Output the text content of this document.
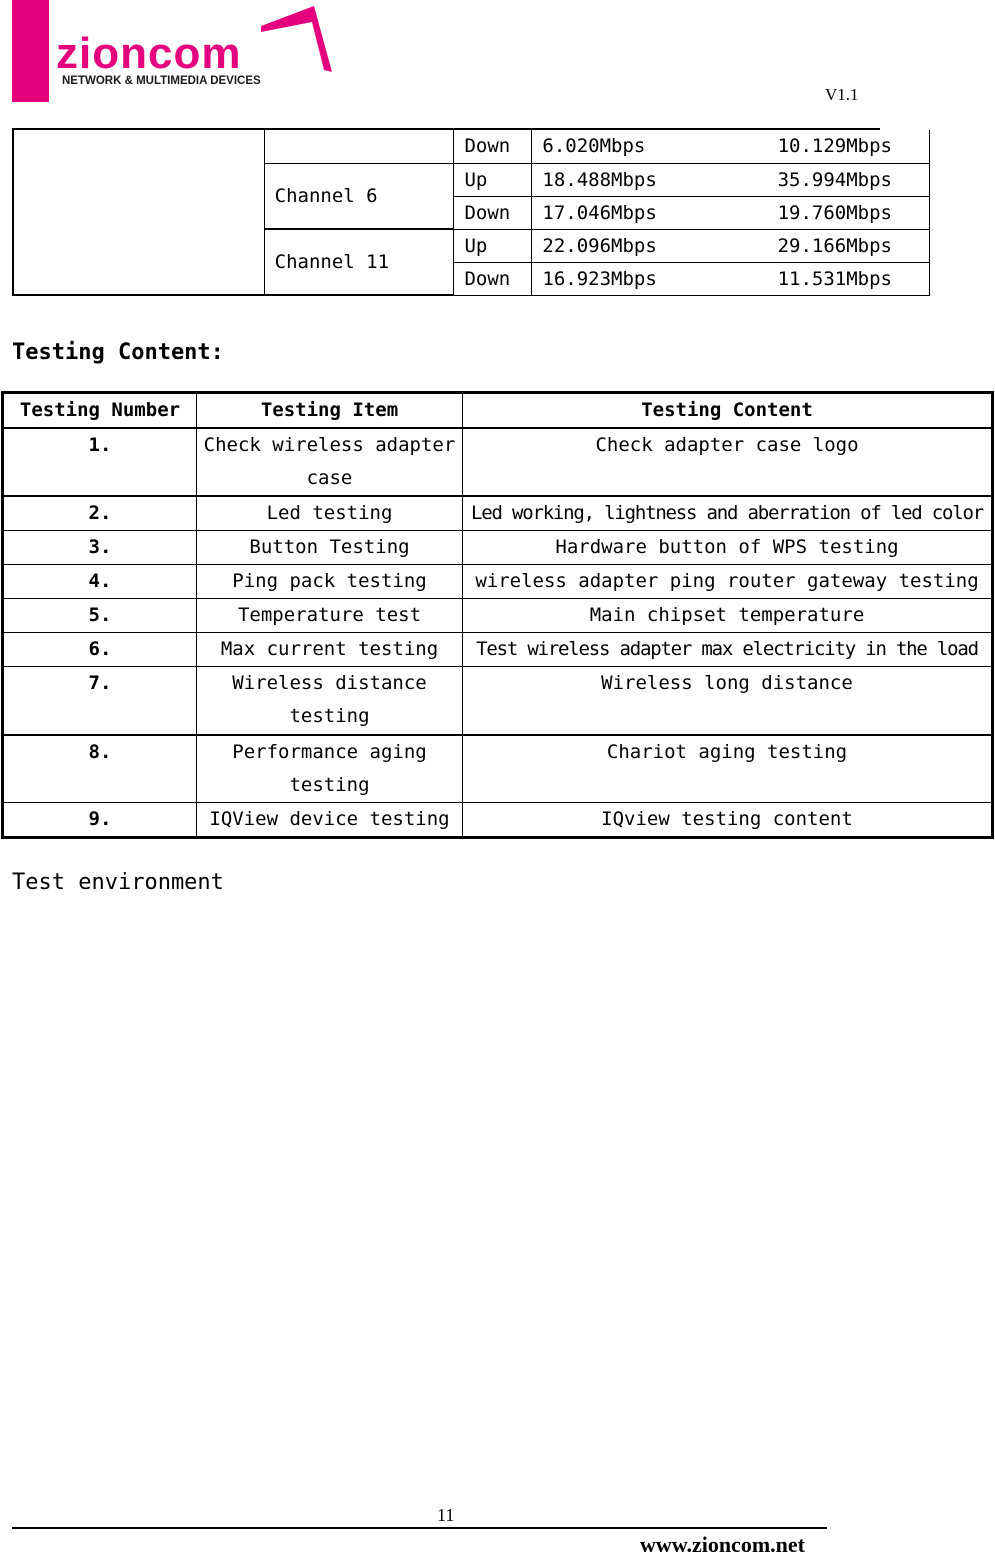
zioncom
NETWORK & MULTIMEDIA DEVICES
V1.1
		Down	6.020Mbps	10.129Mbps
	Channel 6	Up	18.488Mbps	35.994Mbps
		Down	17.046Mbps	19.760Mbps
	Channel 11	Up	22.096Mbps	29.166Mbps
		Down	16.923Mbps	11.531Mbps
Testing Content:
Testing Number	Testing Item	Testing Content
1.	Check wireless adapter case	Check adapter case logo
2.	Led testing	Led working, lightness and aberration of led color
3.	Button Testing	Hardware button of WPS testing
4.	Ping pack testing	wireless adapter ping router gateway testing
5.	Temperature test	Main chipset temperature
6.	Max current testing	Test wireless adapter max electricity in the load
7.	Wireless distance testing	Wireless long distance
8.	Performance aging testing	Chariot aging testing
9.	IQView device testing	IQview testing content
Test environment
11
www.zioncom.net
